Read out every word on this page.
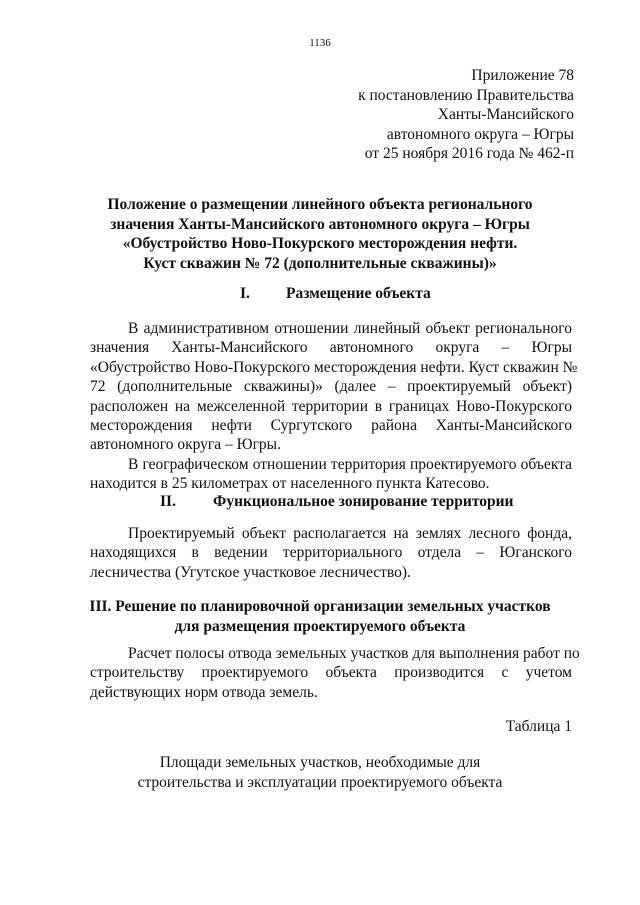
1136
Приложение 78
к постановлению Правительства
Ханты-Мансийского
автономного округа – Югры
от 25 ноября 2016 года № 462-п
Положение о размещении линейного объекта регионального
значения Ханты-Мансийского автономного округа – Югры
«Обустройство Ново-Покурского месторождения нефти.
Куст скважин № 72 (дополнительные скважины)»
I. Размещение объекта

В административном отношении линейный объект регионального
значения Ханты-Мансийского автономного округа – Югры
«Обустройство Ново-Покурского месторождения нефти. Куст скважин №
72 (дополнительные скважины)» (далее – проектируемый объект)
расположен на межселенной территории в границах Ново-Покурского
месторождения нефти Сургутского района Ханты-Мансийского
автономного округа – Югры.

В географическом отношении территория проектируемого объекта
находится в 25 километрах от населенного пункта Катесово.

II. Функциональное зонирование территории

Проектируемый объект располагается на землях лесного фонда,
находящихся в ведении территориального отдела – Юганского
лесничества (Угутское участковое лесничество).

III. Решение по планировочной организации земельных участков
для размещения проектируемого объекта

Расчет полосы отвода земельных участков для выполнения работ по
строительству проектируемого объекта производится с учетом
действующих норм отвода земель.

Таблица 1
Площади земельных участков, необходимые для
строительства и эксплуатации проектируемого объекта
